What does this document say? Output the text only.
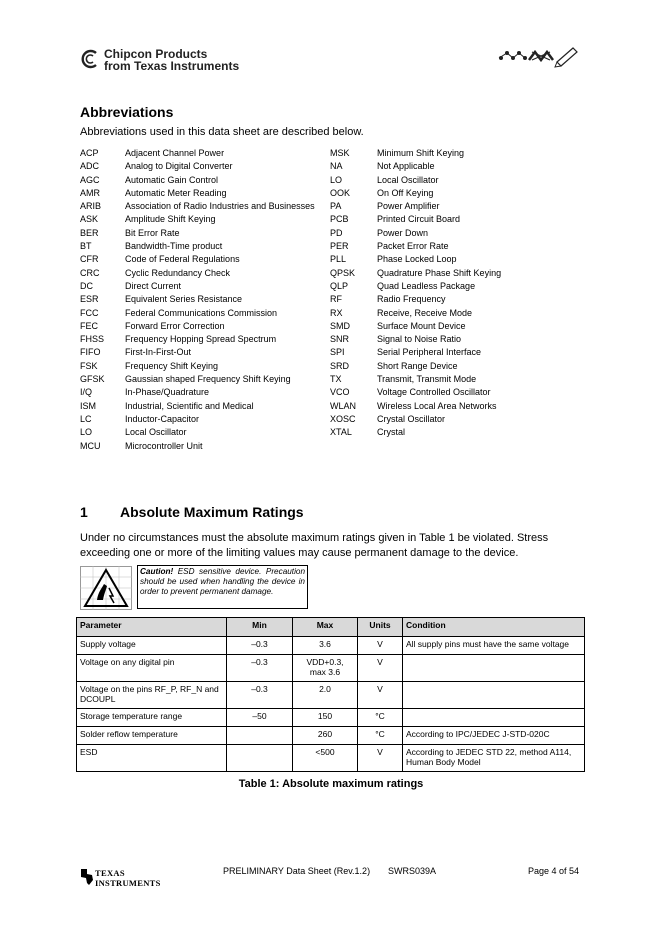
Chipcon Products
from Texas Instruments
Abbreviations

Abbreviations used in this data sheet are described below.

ACP	Adjacent Channel Power
ADC	Analog to Digital Converter
AGC	Automatic Gain Control
AMR	Automatic Meter Reading
ARIB	Association of Radio Industries and Businesses
ASK	Amplitude Shift Keying
BER	Bit Error Rate
BT	Bandwidth-Time product
CFR	Code of Federal Regulations
CRC	Cyclic Redundancy Check
DC	Direct Current
ESR	Equivalent Series Resistance
FCC	Federal Communications Commission
FEC	Forward Error Correction
FHSS Frequency Hopping Spread Spectrum
FIFO	First-In-First-Out
FSK	Frequency Shift Keying
GFSK Gaussian shaped Frequency Shift Keying
I/Q	In-Phase/Quadrature
ISM	Industrial, Scientific and Medical
LC	Inductor-Capacitor
LO	Local Oscillator
MCU	Microcontroller Unit
MSK	Minimum Shift Keying
NA	Not Applicable
LO	Local Oscillator
OOK	On Off Keying
PA	Power Amplifier
PCB	Printed Circuit Board
PD	Power Down
PER	Packet Error Rate
PLL	Phase Locked Loop
QPSK Quadrature Phase Shift Keying
QLP	Quad Leadless Package
RF	Radio Frequency
RX	Receive, Receive Mode
SMD	Surface Mount Device
SNR	Signal to Noise Ratio
SPI	Serial Peripheral Interface
SRD	Short Range Device
TX	Transmit, Transmit Mode
VCO	Voltage Controlled Oscillator
WLAN Wireless Local Area Networks
XOSC Crystal Oscillator
XTAL	Crystal
1 Absolute Maximum Ratings

Under no circumstances must the absolute maximum ratings given in Table 1 be violated. Stress exceeding one or more of the limiting values may cause permanent damage to the device.

Caution! ESD sensitive device. Precaution should be used when handling the device in order to prevent permanent damage.
Parameter	Min	Max	Units	Condition
Supply voltage	–0.3	3.6	V	All supply pins must have the same voltage
Voltage on any digital pin	–0.3	VDD+0.3, max 3.6	V	
Voltage on the pins RF_P, RF_N and DCOUPL	–0.3	2.0	V	
Storage temperature range	–50	150	°C	
Solder reflow temperature		260	°C	According to IPC/JEDEC J-STD-020C
ESD		<500	V	According to JEDEC STD 22, method A114, Human Body Model

Table 1: Absolute maximum ratings

TEXAS
INSTRUMENTS
PRELIMINARY Data Sheet (Rev.1.2) SWRS039A	Page 4 of 54
